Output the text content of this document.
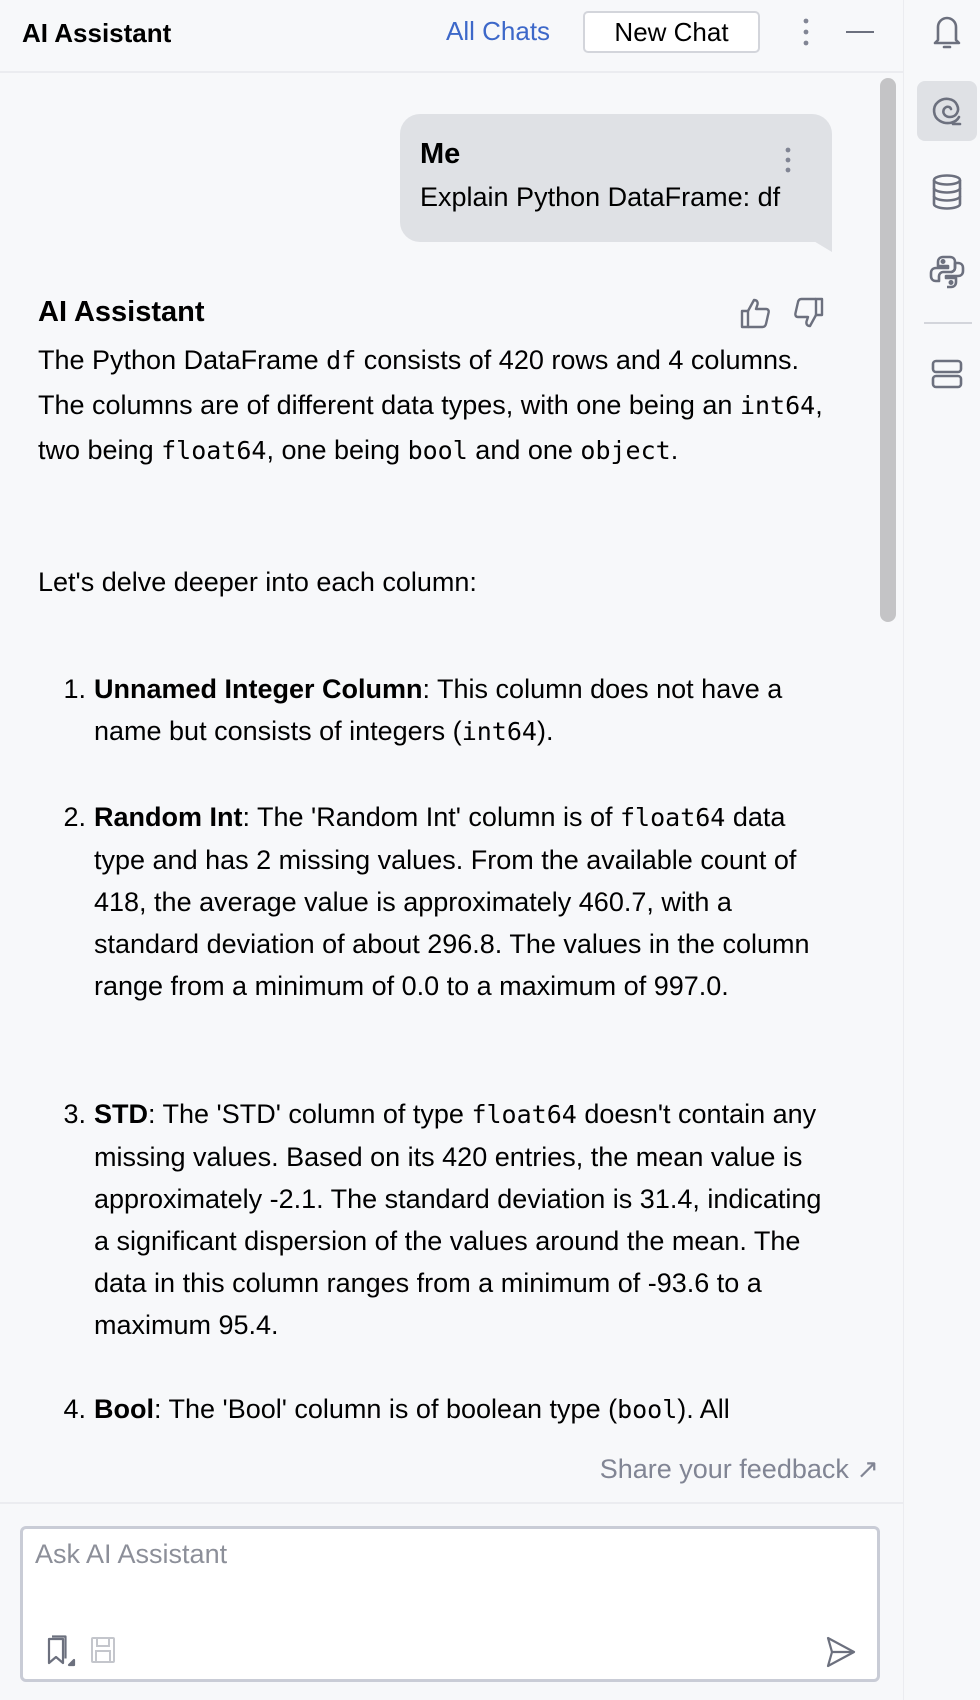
AI Assistant	All Chats	New Chat
Me
Explain Python DataFrame: df
AI Assistant
The Python DataFrame df consists of 420 rows and 4 columns. The columns are of different data types, with one being an int64, two being float64, one being bool and one object.
Let's delve deeper into each column:
1. Unnamed Integer Column: This column does not have a name but consists of integers (int64).
2. Random Int: The 'Random Int' column is of float64 data type and has 2 missing values. From the available count of 418, the average value is approximately 460.7, with a standard deviation of about 296.8. The values in the column range from a minimum of 0.0 to a maximum of 997.0.
3. STD: The 'STD' column of type float64 doesn't contain any missing values. Based on its 420 entries, the mean value is approximately -2.1. The standard deviation is 31.4, indicating a significant dispersion of the values around the mean. The data in this column ranges from a minimum of -93.6 to a maximum 95.4.
4. Bool: The 'Bool' column is of boolean type (bool). All
Share your feedback ↗
Ask AI Assistant
